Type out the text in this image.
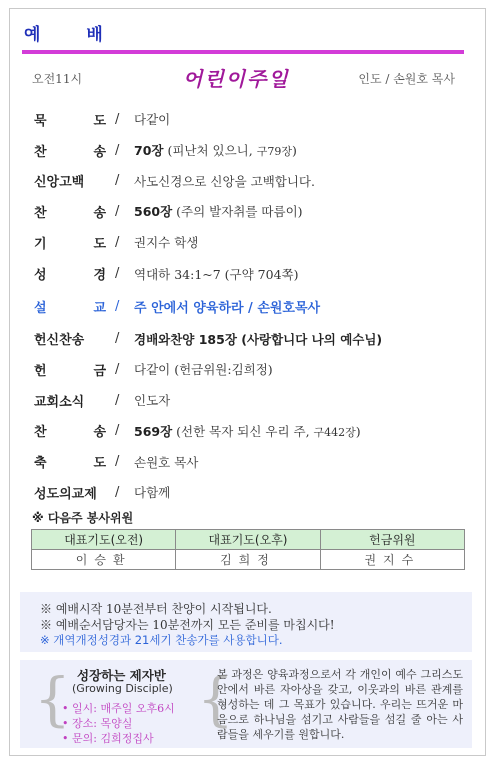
예 배
오전11시	어린이주일	인도 / 손원호 목사
묵	도 / 다같이
찬	송 / 70장 (피난처 있으니, 구79장)
신앙고백	/ 사도신경으로 신앙을 고백합니다.
찬	송 / 560장 (주의 발자취를 따름이)
기	도 / 권지수 학생
성	경 / 역대하 34:1~7 (구약 704쪽)
설	교 / 주 안에서 양육하라 / 손원호목사
헌신찬송	/ 경배와찬양 185장 (사랑합니다 나의 예수님)
헌	금 / 다같이 (헌금위원:김희정)
교회소식	/ 인도자
찬	송 / 569장 (선한 목자 되신 우리 주, 구442장)
축	도 / 손원호 목사
성도의교제	/ 다함께
※ 다음주 봉사위원
대표기도(오전)	대표기도(오후)	헌금위원
이승환	김희정	권지수

※ 예배시작 10분전부터 찬양이 시작됩니다.

※ 예배순서담당자는 10분전까지 모든 준비를 마칩시다!

※ 개역개정성경과 21세기 찬송가를 사용합니다.

{ 성장하는 제자반
(Growing Disciple)
• 일시: 매주일 오후6시
• 장소: 목양실
• 문의: 김희정집사
{
본 과정은 양육과정으로서 각 개인이 예수 그리스도 안에서 바른 자아상을 갖고, 이웃과의 바른 관계를 형성하는 데 그 목표가 있습니다. 우리는 뜨거운 마음으로 하나님을 섬기고 사람들을 섬길 줄 아는 사람들을 세우기를 원합니다.
